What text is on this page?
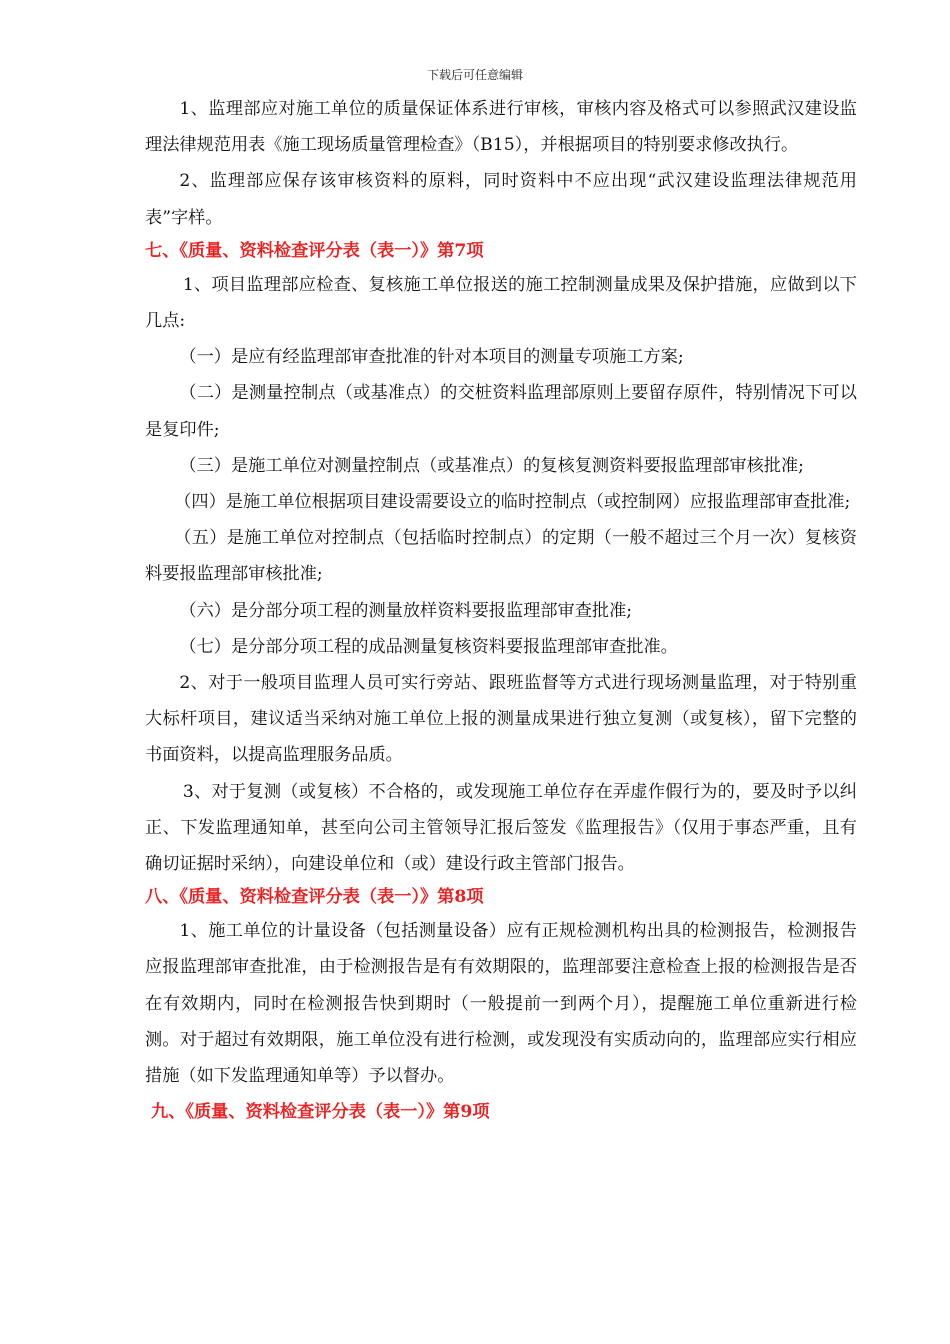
下载后可任意编辑

1、监理部应对施工单位的质量保证体系进行审核，审核内容及格式可以参照武汉建设监理法律规范用表《施工现场质量管理检查》（B15），并根据项目的特别要求修改执行。

2、监理部应保存该审核资料的原料，同时资料中不应出现“武汉建设监理法律规范用表”字样。

七、《质量、资料检查评分表（表一）》第7项

1、项目监理部应检查、复核施工单位报送的施工控制测量成果及保护措施，应做到以下几点:

（一）是应有经监理部审查批准的针对本项目的测量专项施工方案;

（二）是测量控制点（或基准点）的交桩资料监理部原则上要留存原件，特别情况下可以是复印件;

（三）是施工单位对测量控制点（或基准点）的复核复测资料要报监理部审核批准;

（四）是施工单位根据项目建设需要设立的临时控制点（或控制网）应报监理部审查批准;

（五）是施工单位对控制点（包括临时控制点）的定期（一般不超过三个月一次）复核资料要报监理部审核批准;

（六）是分部分项工程的测量放样资料要报监理部审查批准;

（七）是分部分项工程的成品测量复核资料要报监理部审查批准。

2、对于一般项目监理人员可实行旁站、跟班监督等方式进行现场测量监理，对于特别重大标杆项目，建议适当采纳对施工单位上报的测量成果进行独立复测（或复核），留下完整的书面资料，以提高监理服务品质。

3、对于复测（或复核）不合格的，或发现施工单位存在弄虚作假行为的，要及时予以纠正、下发监理通知单，甚至向公司主管领导汇报后签发《监理报告》（仅用于事态严重，且有确切证据时采纳），向建设单位和（或）建设行政主管部门报告。

八、《质量、资料检查评分表（表一）》第8项

1、施工单位的计量设备（包括测量设备）应有正规检测机构出具的检测报告，检测报告应报监理部审查批准，由于检测报告是有有效期限的，监理部要注意检查上报的检测报告是否在有效期内，同时在检测报告快到期时（一般提前一到两个月），提醒施工单位重新进行检测。对于超过有效期限，施工单位没有进行检测，或发现没有实质动向的，监理部应实行相应措施（如下发监理通知单等）予以督办。

九、《质量、资料检查评分表（表一）》第9项
